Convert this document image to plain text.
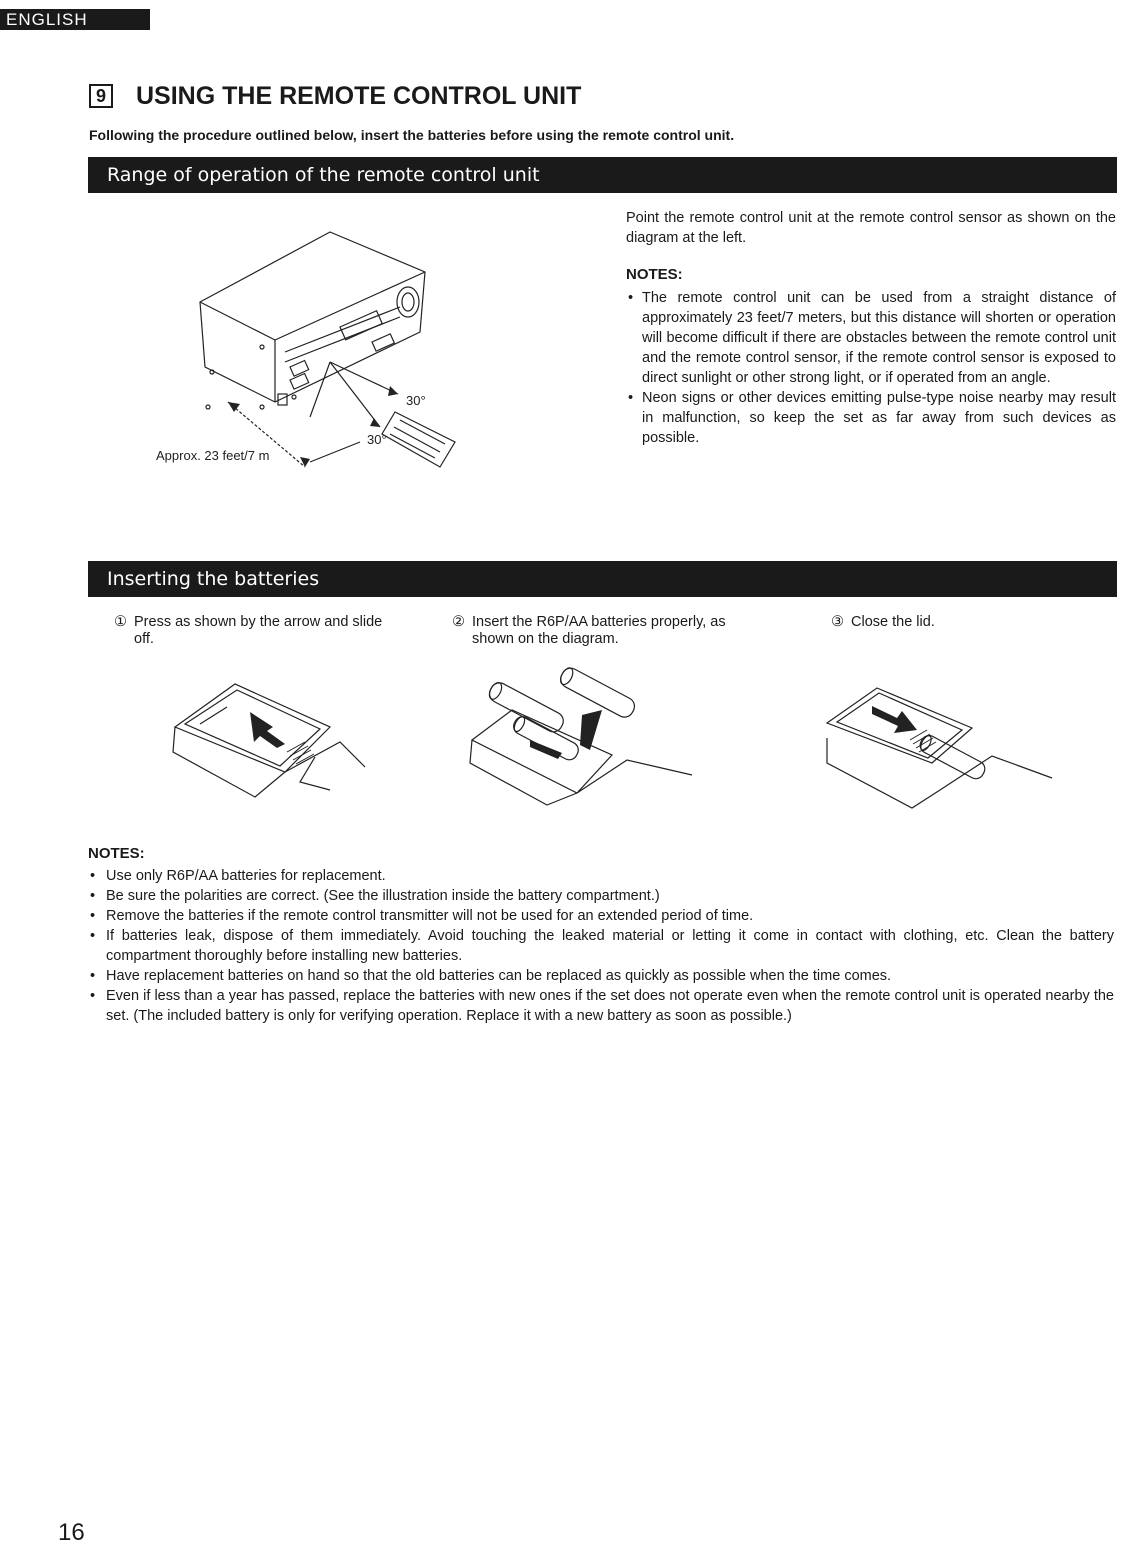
ENGLISH
9 USING THE REMOTE CONTROL UNIT
Following the procedure outlined below, insert the batteries before using the remote control unit.
Range of operation of the remote control unit
30°
30°
Approx. 23 feet/7 m
Point the remote control unit at the remote control sensor as shown on the diagram at the left.
NOTES:
• The remote control unit can be used from a straight distance of approximately 23 feet/7 meters, but this distance will shorten or operation will become difficult if there are obstacles between the remote control unit and the remote control sensor, if the remote control sensor is exposed to direct sunlight or other strong light, or if operated from an angle.
• Neon signs or other devices emitting pulse-type noise nearby may result in malfunction, so keep the set as far away from such devices as possible.
Inserting the batteries
① Press as shown by the arrow and slide
off.
② Insert the R6P/AA batteries properly, as
shown on the diagram.
③ Close the lid.
NOTES:
• Use only R6P/AA batteries for replacement.
• Be sure the polarities are correct. (See the illustration inside the battery compartment.)
• Remove the batteries if the remote control transmitter will not be used for an extended period of time.
• If batteries leak, dispose of them immediately. Avoid touching the leaked material or letting it come in contact with clothing, etc. Clean the battery compartment thoroughly before installing new batteries.
• Have replacement batteries on hand so that the old batteries can be replaced as quickly as possible when the time comes.
• Even if less than a year has passed, replace the batteries with new ones if the set does not operate even when the remote control unit is operated nearby the set. (The included battery is only for verifying operation. Replace it with a new battery as soon as possible.)
16
